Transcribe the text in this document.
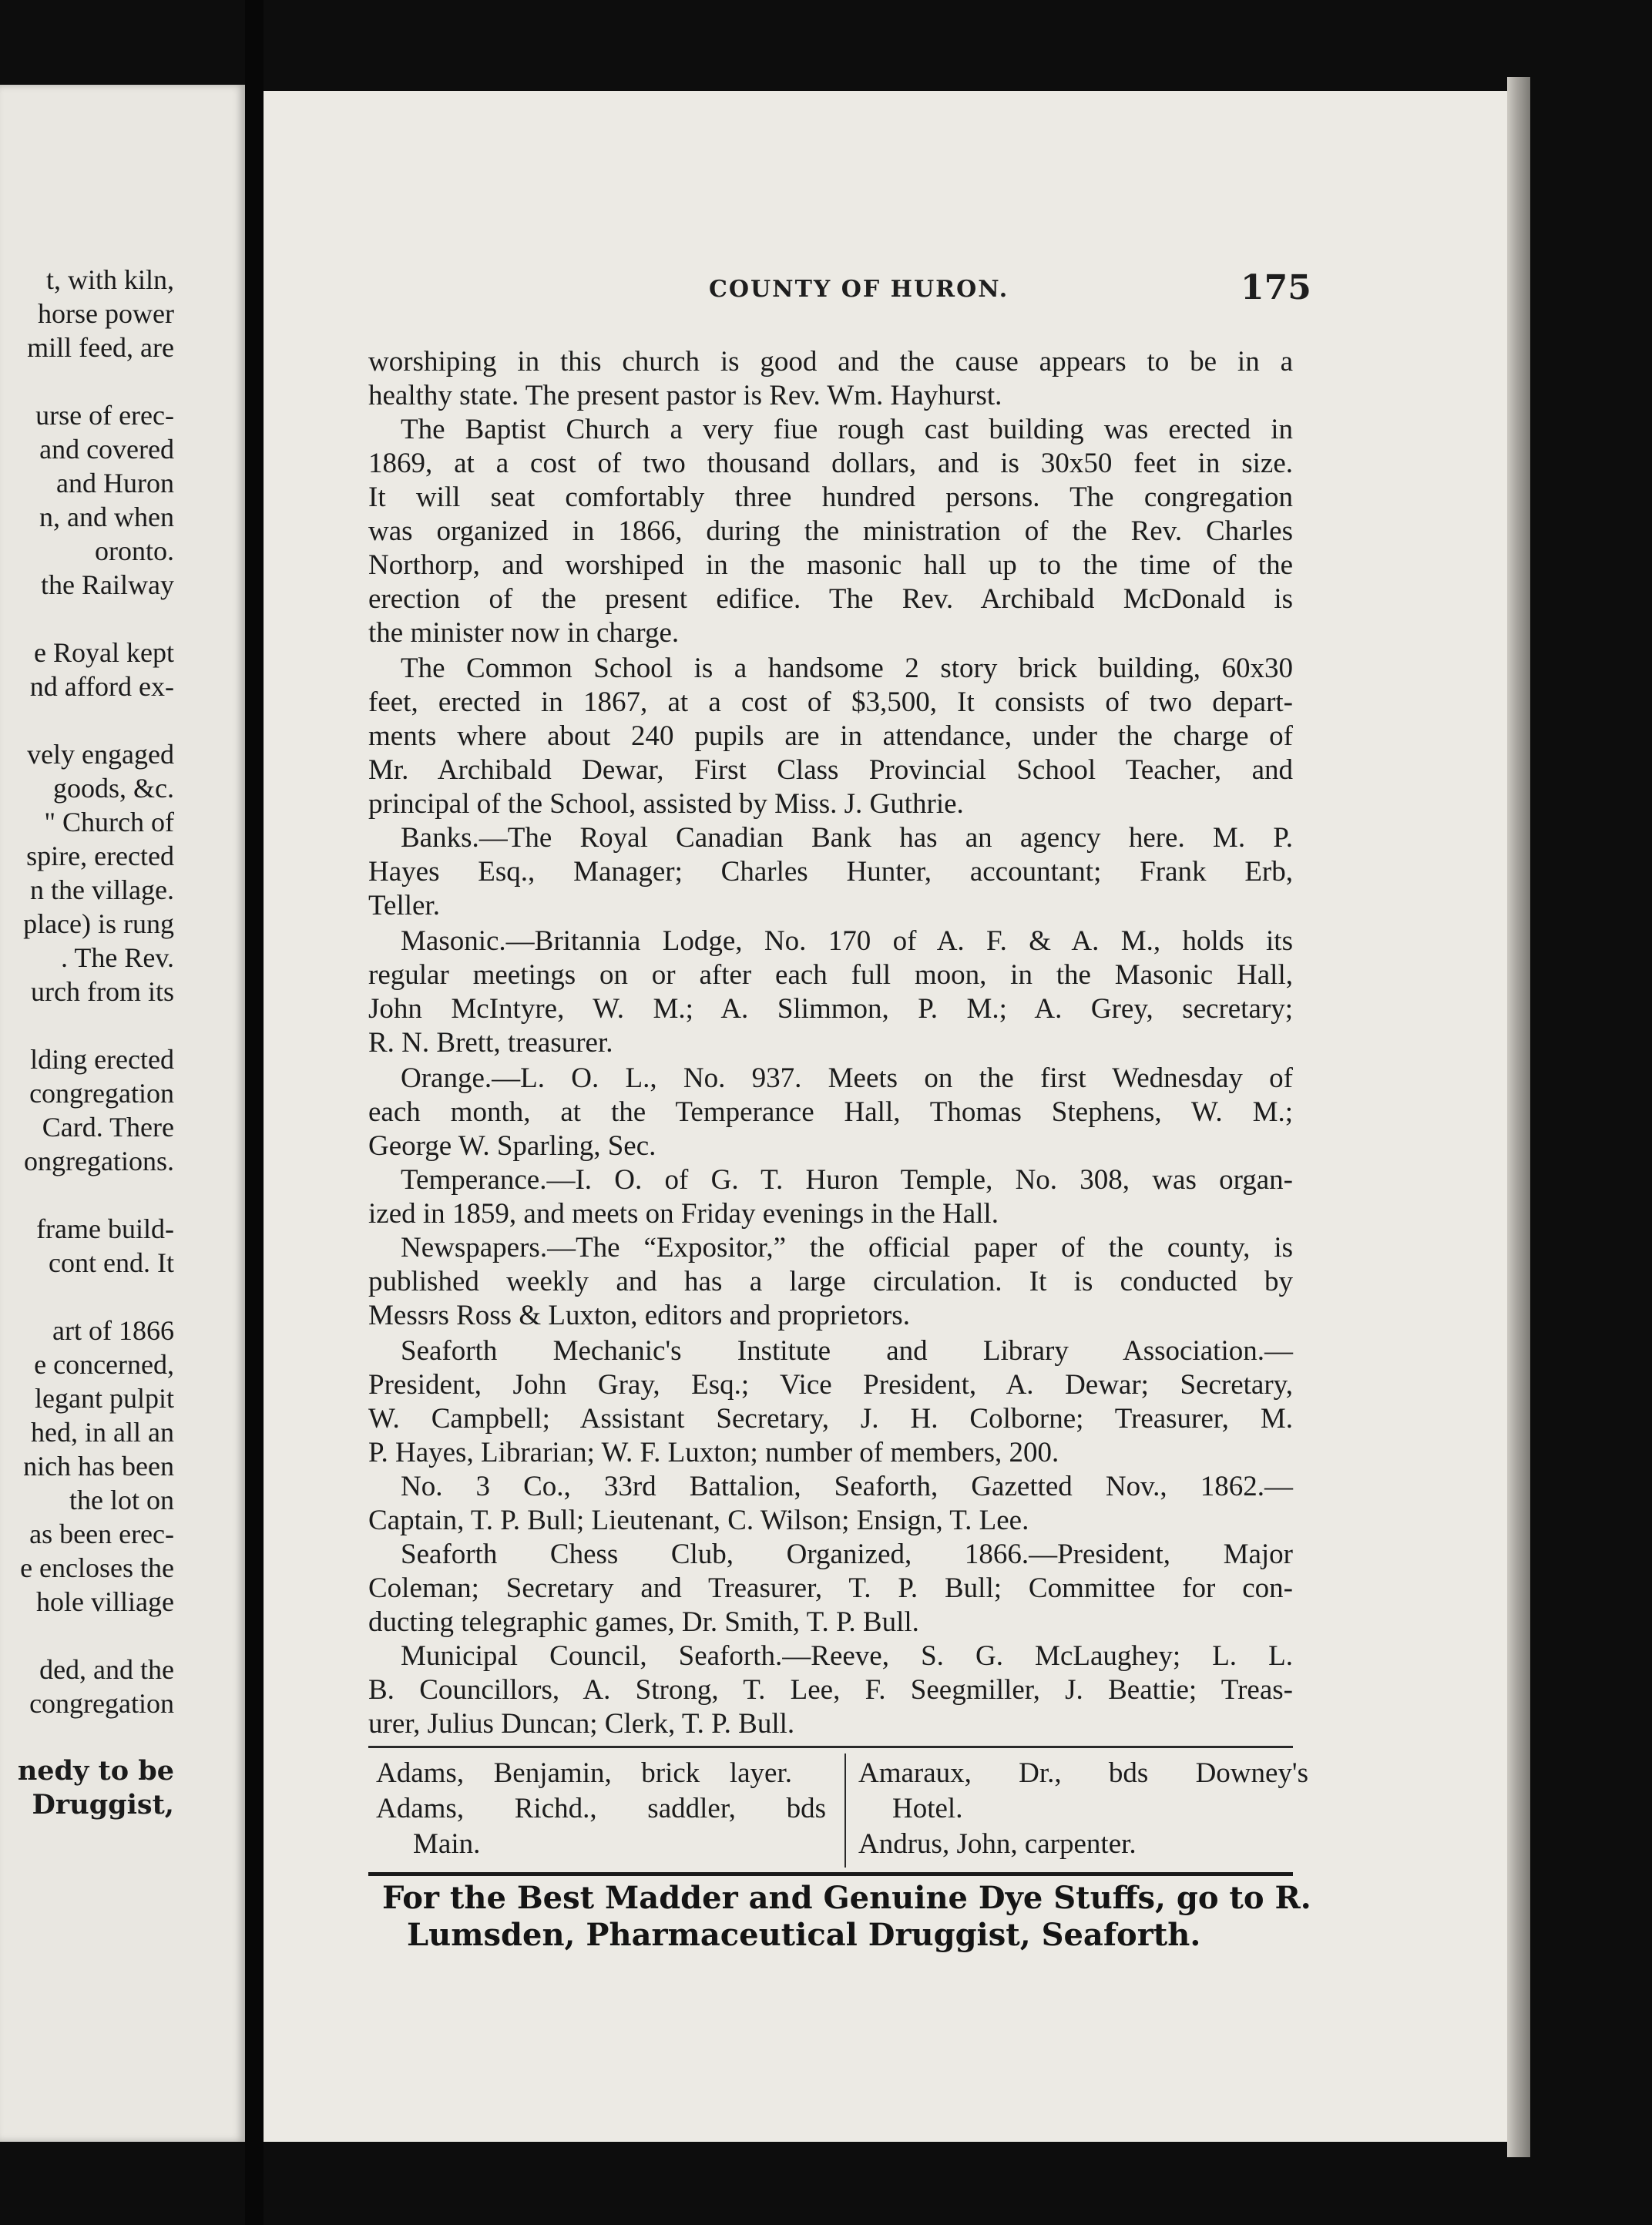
t, with kiln,
horse power
mill feed, are
urse of erec-
and covered
and Huron
n, and when
oronto.
the Railway
e Royal kept
nd afford ex-
vely engaged
goods, &c.
" Church of
spire, erected
n the village.
place) is rung
. The Rev.
urch from its
lding erected
congregation
Card. There
ongregations.
frame build-
cont end. It
art of 1866
e concerned,
legant pulpit
hed, in all an
nich has been
the lot on
as been erec-
e encloses the
hole villiage
ded, and the
congregation
nedy to be
Druggist,
COUNTY OF HURON.	175
worshiping in this church is good and the cause appears to be in a
healthy state. The present pastor is Rev. Wm. Hayhurst.
The Baptist Church a very fiue rough cast building was erected in
1869, at a cost of two thousand dollars, and is 30x50 feet in size.
It will seat comfortably three hundred persons. The congregation
was organized in 1866, during the ministration of the Rev. Charles
Northorp, and worshiped in the masonic hall up to the time of the
erection of the present edifice. The Rev. Archibald McDonald is
the minister now in charge.
The Common School is a handsome 2 story brick building, 60x30
feet, erected in 1867, at a cost of $3,500, It consists of two depart-
ments where about 240 pupils are in attendance, under the charge of
Mr. Archibald Dewar, First Class Provincial School Teacher, and
principal of the School, assisted by Miss. J. Guthrie.
Banks.—The Royal Canadian Bank has an agency here. M. P.
Hayes Esq., Manager; Charles Hunter, accountant; Frank Erb,
Teller.
Masonic.—Britannia Lodge, No. 170 of A. F. & A. M., holds its
regular meetings on or after each full moon, in the Masonic Hall,
John McIntyre, W. M.; A. Slimmon, P. M.; A. Grey, secretary;
R. N. Brett, treasurer.
Orange.—L. O. L., No. 937. Meets on the first Wednesday of
each month, at the Temperance Hall, Thomas Stephens, W. M.;
George W. Sparling, Sec.
Temperance.—I. O. of G. T. Huron Temple, No. 308, was organ-
ized in 1859, and meets on Friday evenings in the Hall.
Newspapers.—The “Expositor,” the official paper of the county, is
published weekly and has a large circulation. It is conducted by
Messrs Ross & Luxton, editors and proprietors.
Seaforth Mechanic's Institute and Library Association.—
President, John Gray, Esq.; Vice President, A. Dewar; Secretary,
W. Campbell; Assistant Secretary, J. H. Colborne; Treasurer, M.
P. Hayes, Librarian; W. F. Luxton; number of members, 200.
No. 3 Co., 33rd Battalion, Seaforth, Gazetted Nov., 1862.—
Captain, T. P. Bull; Lieutenant, C. Wilson; Ensign, T. Lee.
Seaforth Chess Club, Organized, 1866.—President, Major
Coleman; Secretary and Treasurer, T. P. Bull; Committee for con-
ducting telegraphic games, Dr. Smith, T. P. Bull.
Municipal Council, Seaforth.—Reeve, S. G. McLaughey; L. L.
B. Councillors, A. Strong, T. Lee, F. Seegmiller, J. Beattie; Treas-
urer, Julius Duncan; Clerk, T. P. Bull.
Adams, Benjamin, brick layer.
Adams, Richd., saddler, bds
Main.
Amaraux, Dr., bds Downey's
Hotel.
Andrus, John, carpenter.
For the Best Madder and Genuine Dye Stuffs, go to R.
Lumsden, Pharmaceutical Druggist, Seaforth.
